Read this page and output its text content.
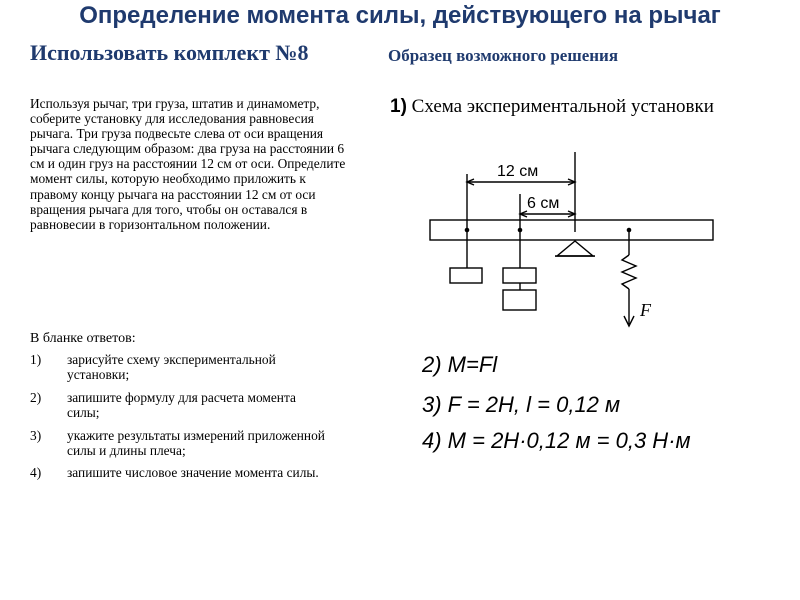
Определение момента силы, действующего на рычаг
Использовать комплект №8	Образец возможного решения
Используя рычаг, три груза, штатив и динамометр, соберите установку для исследования равновесия рычага. Три груза подвесьте слева от оси вращения рычага следующим образом: два груза на расстоянии 6 см и один груз на расстоянии 12 см от оси. Определите момент силы, которую необходимо приложить к правому концу рычага на расстоянии 12 см от оси вращения рычага для того, чтобы он оставался в равновесии в горизонтальном положении.
В бланке ответов:
1)	зарисуйте схему экспериментальной установки;
2)	запишите формулу для расчета момента силы;
3)	укажите результаты измерений приложенной силы и длины плеча;
4)	запишите числовое значение момента силы.
1) Схема экспериментальной установки
12 см
6 см
F
2) M=Fl
3) F = 2Н, l = 0,12 м
4) M = 2Н·0,12 м = 0,3 Н·м
